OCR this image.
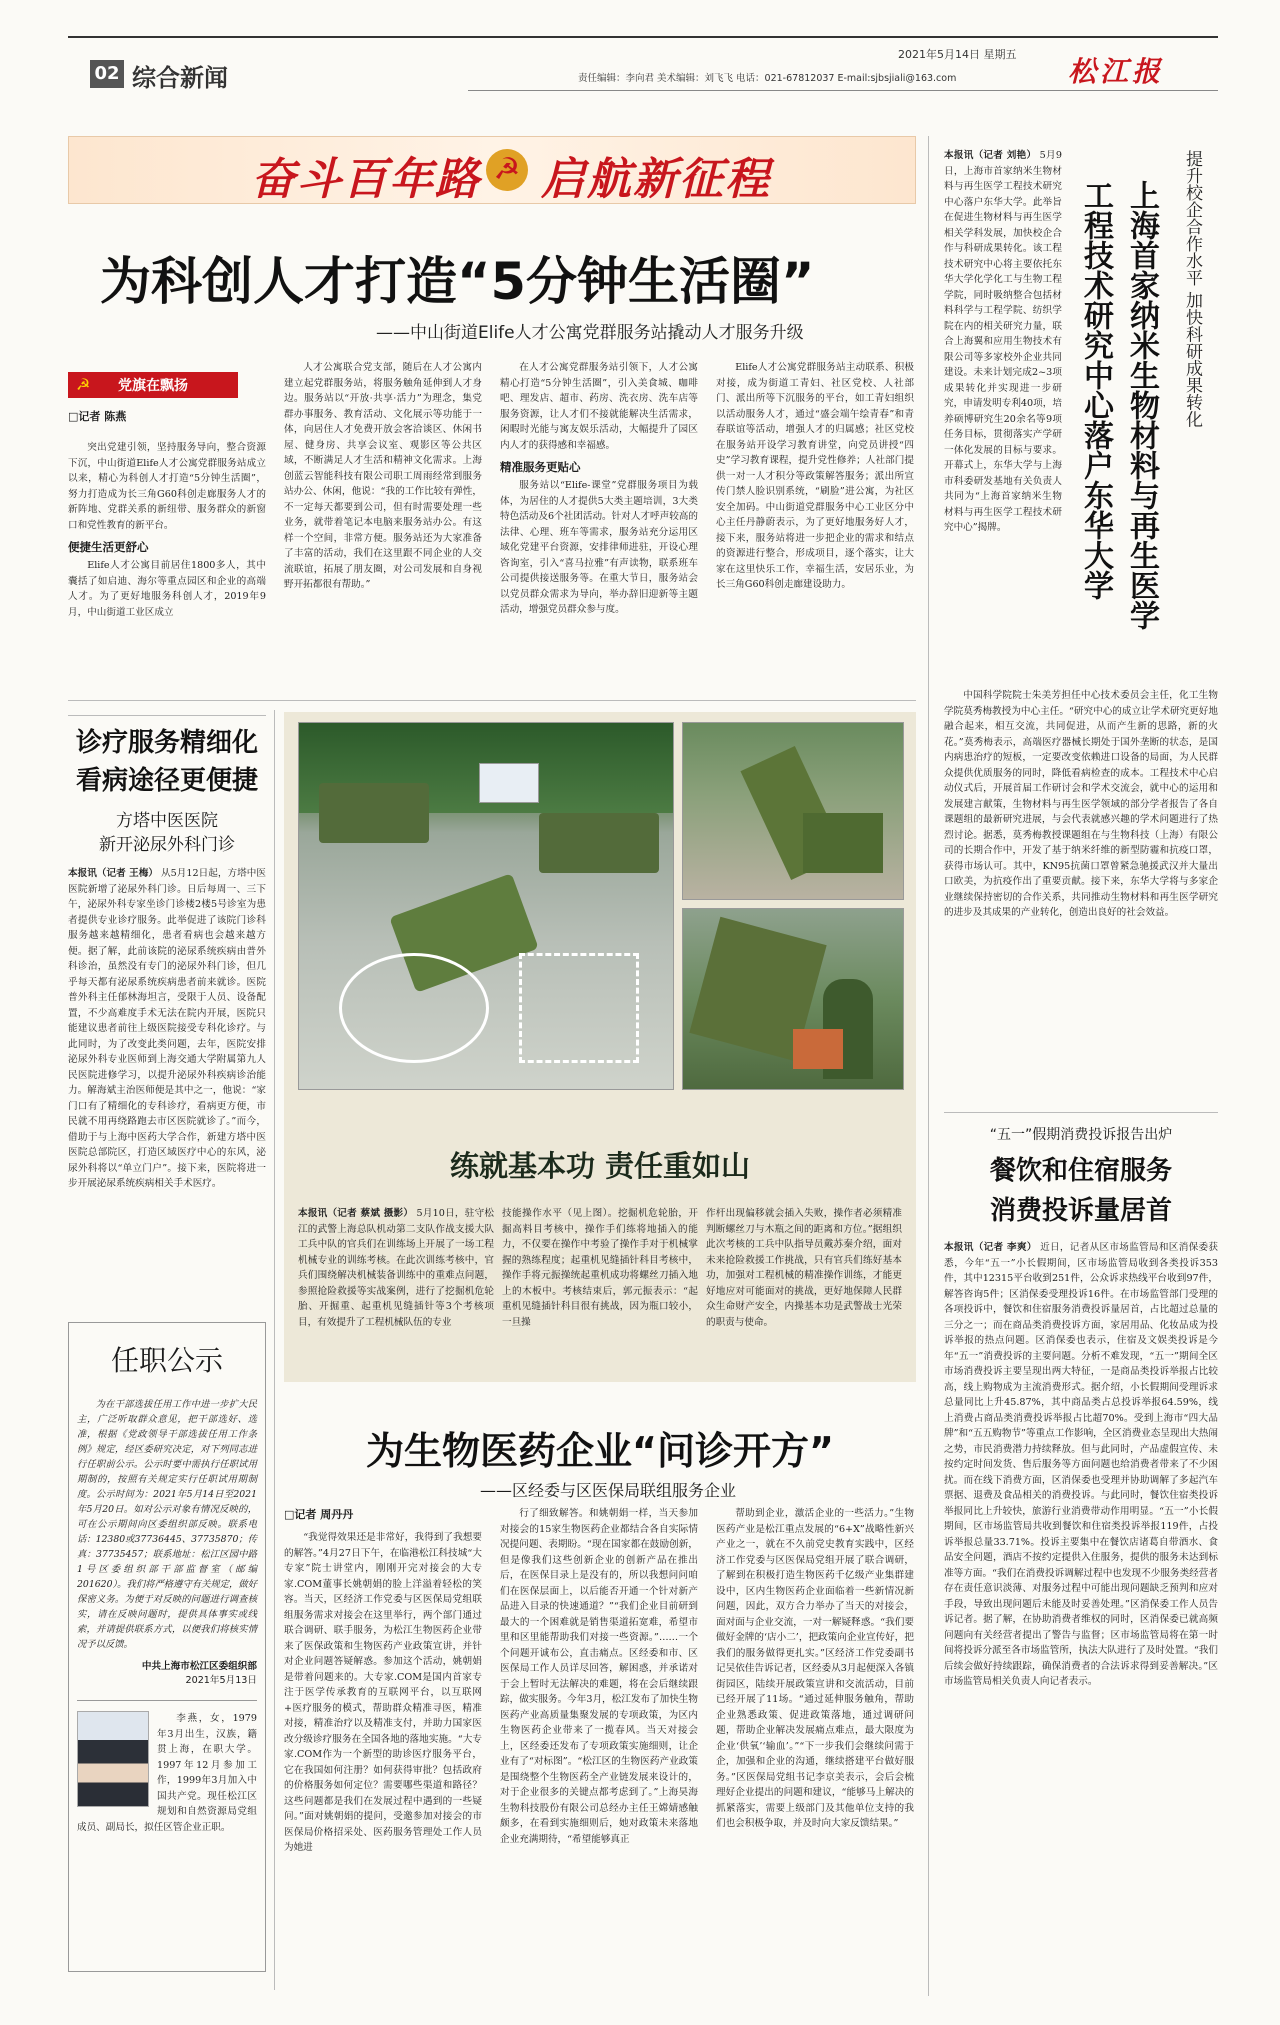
02 综合新闻
2021年5月14日 星期五
责任编辑：李向君 美术编辑：刘飞飞 电话：021-67812037 E-mail:sjbsjiali@163.com	松江报
奋斗百年路 ☭ 启航新征程
为科创人才打造“5分钟生活圈”
——中山街道Elife人才公寓党群服务站撬动人才服务升级
☭ 党旗在飘扬
□记者 陈燕
突出党建引领，坚持服务导向，整合资源下沉，中山街道Elife人才公寓党群服务站成立以来，精心为科创人才打造“5分钟生活圈”，努力打造成为长三角G60科创走廊服务人才的新阵地、党群关系的新纽带、服务群众的新窗口和党性教育的新平台。
便捷生活更舒心
Elife人才公寓目前居住1800多人，其中囊括了如启迪、海尔等重点园区和企业的高端人才。为了更好地服务科创人才，2019年9月，中山街道工业区成立
人才公寓联合党支部，随后在人才公寓内建立起党群服务站，将服务触角延伸到人才身边。服务站以“开放·共享·活力”为理念，集党群办事服务、教育活动、文化展示等功能于一体，向居住人才免费开放会客洽谈区、休闲书屋、健身房、共享会议室、观影区等公共区域，不断满足人才生活和精神文化需求。上海创蓝云智能科技有限公司职工周雨经常到服务站办公、休闲，他说：“我的工作比较有弹性，不一定每天都要到公司，但有时需要处理一些业务，就带着笔记本电脑来服务站办公。有这样一个空间，非常方便。服务站还为大家准备了丰富的活动，我们在这里跟不同企业的人交流联谊，拓展了朋友圈，对公司发展和自身视野开拓都很有帮助。”
在人才公寓党群服务站引领下，人才公寓精心打造“5分钟生活圈”，引入美食城、咖啡吧、理发店、超市、药房、洗衣房、洗车店等服务资源，让人才们不接就能解决生活需求，闲暇时光能与寓友娱乐活动，大幅提升了园区内人才的获得感和幸福感。
精准服务更贴心
服务站以“Elife-课堂”党群服务项目为载体，为居住的人才提供5大类主题培训，3大类特色活动及6个社团活动。针对人才呼声较高的法律、心理、班车等需求，服务站充分运用区域化党建平台资源，安排律师进驻，开设心理咨询室，引入“喜马拉雅”有声读物，联系班车公司提供接送服务等。在重大节日，服务站会以党员群众需求为导向，举办辞旧迎新等主题活动，增强党员群众参与度。
Elife人才公寓党群服务站主动联系、积极对接，成为街道工青妇、社区党校、人社部门、派出所等下沉服务的平台，如工青妇组织以活动服务人才，通过“盛会端午绘青春”和青春联谊等活动，增强人才的归属感；社区党校在服务站开设学习教育讲堂，向党员讲授“四史”学习教育课程，提升党性修养；人社部门提供一对一人才积分等政策解答服务；派出所宣传门禁人脸识别系统，“刷脸”进公寓，为社区安全加码。中山街道党群服务中心工业区分中心主任丹静蔚表示，为了更好地服务好人才，接下来，服务站将进一步把企业的需求和结点的资源进行整合，形成项目，逐个落实，让大家在这里快乐工作，幸福生活，安居乐业，为长三角G60科创走廊建设助力。
本报讯（记者 刘艳） 5月9日，上海市首家纳米生物材料与再生医学工程技术研究中心落户东华大学。此举旨在促进生物材料与再生医学相关学科发展，加快校企合作与科研成果转化。该工程技术研究中心将主要依托东华大学化学化工与生物工程学院，同时吸纳整合包括材料科学与工程学院、纺织学院在内的相关研究力量，联合上海翼和应用生物技术有限公司等多家校外企业共同建设。未来计划完成2~3项成果转化并实现进一步研究，申请发明专利40项，培养硕博研究生20余名等9项任务目标，贯彻落实产学研一体化发展的目标与要求。开幕式上，东华大学与上海市科委研发基地有关负责人共同为“上海首家纳米生物材料与再生医学工程技术研究中心”揭牌。
提升校企合作水平 加快科研成果转化
上海首家纳米生物材料与再生医学工程技术研究中心落户东华大学
中国科学院院士朱美芳担任中心技术委员会主任，化工生物学院莫秀梅教授为中心主任。“研究中心的成立让学术研究更好地融合起来，相互交流，共同促进，从而产生新的思路，新的火花。”莫秀梅表示，高端医疗器械长期处于国外垄断的状态，是国内病患治疗的短板，一定要改变依赖进口设备的局面，为人民群众提供优质服务的同时，降低看病检查的成本。工程技术中心启动仪式后，开展首届工作研讨会和学术交流会，就中心的运用和发展建言献策，生物材料与再生医学领域的部分学者报告了各自课题组的最新研究进展，与会代表就感兴趣的学术问题进行了热烈讨论。据悉，莫秀梅教授课题组在与生物科技（上海）有限公司的长期合作中，开发了基于纳米纤维的新型防霾和抗疫口罩，获得市场认可。其中，KN95抗菌口罩曾紧急驰援武汉并大量出口欧美，为抗疫作出了重要贡献。接下来，东华大学将与多家企业继续保持密切的合作关系，共同推动生物材料和再生医学研究的进步及其成果的产业转化，创造出良好的社会效益。
诊疗服务精细化
看病途径更便捷
方塔中医医院
新开泌尿外科门诊
本报讯（记者 王梅） 从5月12日起，方塔中医医院新增了泌尿外科门诊。日后每周一、三下午，泌尿外科专家坐诊门诊楼2楼5号诊室为患者提供专业诊疗服务。此举促进了该院门诊科服务越来越精细化，患者看病也会越来越方便。据了解，此前该院的泌尿系统疾病由普外科诊治，虽然没有专门的泌尿外科门诊，但几乎每天都有泌尿系统疾病患者前来就诊。医院普外科主任郁林海坦言，受限于人员、设备配置，不少高难度手术无法在院内开展，医院只能建议患者前往上级医院接受专科化诊疗。与此同时，为了改变此类问题，去年，医院安排泌尿外科专业医师到上海交通大学附属第九人民医院进修学习，以提升泌尿外科疾病诊治能力。解海斌主治医师便是其中之一，他说：“家门口有了精细化的专科诊疗，看病更方便，市民就不用再绕路跑去市区医院就诊了。”而今，借助于与上海中医药大学合作，新建方塔中医医院总部院区，打造区域医疗中心的东风，泌尿外科将以“单立门户”。接下来，医院将进一步开展泌尿系统疾病相关手术医疗。
练就基本功 责任重如山
本报讯（记者 蔡斌 摄影） 5月10日，驻守松江的武警上海总队机动第二支队作战支援大队工兵中队的官兵们在训练场上开展了一场工程机械专业的训练考核。在此次训练考核中，官兵们围绕解决机械装备训练中的重难点问题，参照抢险救援等实战案例，进行了挖掘机危轮胎、开掘重、起重机见缝插针等3个考核项目，有效提升了工程机械队伍的专业
技能操作水平（见上图）。挖掘机危轮胎，开掘高料目考核中，操作手们练将地插入的能力，不仅要在操作中考验了操作手对于机械掌握的熟练程度；起重机见缝插针科目考核中，操作手将元振操统起重机成功将螺丝刀插入地上的木板中。考核结束后，郭元振表示：“起重机见缝插针科目很有挑战，因为瓶口较小，一旦操
作杆出现偏移就会插入失败，操作者必须精准判断螺丝刀与木瓶之间的距离和方位。”据组织此次考核的工兵中队指导员戴苏秦介绍，面对未来抢险救援工作挑战，只有官兵们练好基本功，加强对工程机械的精准操作训练，才能更好地应对可能面对的挑战，更好地保障人民群众生命财产安全，内操基本功是武警战士光荣的职责与使命。
任职公示
为在干部选拔任用工作中进一步扩大民主，广泛听取群众意见，把干部选好、选准，根据《党政领导干部选拔任用工作条例》规定，经区委研究决定，对下列同志进行任职前公示。公示时要中需执行任职试用期制的，按照有关规定实行任职试用期制度。公示时间为：2021年5月14日至2021年5月20日。如对公示对象有情况反映的，可在公示期间向区委组织部反映。联系电话：12380或37736445、37735870；传真：37735457；联系地址：松江区园中路1号区委组织部干部监督室（邮编201620）。我们将严格遵守有关规定，做好保密义务。为便于对反映的问题进行调查核实，请在反映问题时，提供具体事实或线索，并请提供联系方式，以便我们将核实情况予以反馈。
中共上海市松江区委组织部
2021年5月13日
李燕，女，1979年3月出生，汉族，籍贯上海，在职大学。1997年12月参加工作，1999年3月加入中国共产党。现任松江区规划和自然资源局党组成员、副局长，拟任区管企业正职。
为生物医药企业“问诊开方”
——区经委与区医保局联组服务企业
□记者 周丹丹
“我觉得效果还是非常好，我得到了我想要的解答。”4月27日下午，在临港松江科技城“大专家”院士讲堂内，刚刚开完对接会的大专家.COM董事长姚朝娟的脸上洋溢着轻松的笑容。当天，区经济工作党委与区医保局党组联组服务需求对接会在这里举行，两个部门通过联合调研、联手服务，为松江生物医药企业带来了医保政策和生物医药产业政策宣讲，并针对企业问题答疑解惑。参加这个活动，姚朝娟是带着问题来的。大专家.COM是国内首家专注于医学传承教育的互联网平台，以互联网+医疗服务的模式，帮助群众精准寻医，精准对接，精准治疗以及精准支付，并助力国家医改分级诊疗服务在全国各地的落地实施。“大专家.COM作为一个新型的助诊医疗服务平台，它在我国如何注册？如何获得审批？包括政府的价格服务如何定位？需要哪些渠道和路径？这些问题都是我们在发展过程中遇到的一些疑问。”面对姚朝娟的提问，受邀参加对接会的市医保局价格招采处、医药服务管理处工作人员为她进
行了细致解答。和姚朝娟一样，当天参加对接会的15家生物医药企业都结合各自实际情况提问题、表期盼。“现在国家都在鼓励创新，但是像我们这些创新企业的创新产品在推出后，在医保目录上是没有的，所以我想问问咱们在医保层面上，以后能否开通一个针对新产品进入目录的快速通道？”“我们企业目前研到最大的一个困难就是销售渠道拓宽难，希望市里和区里能帮助我们对接一些资源。”……一个个问题开诚布公，直击痛点。区经委和市、区医保局工作人员详尽回答，解困惑，并承诺对于会上暂时无法解决的难题，将在会后继续跟踪，做实服务。今年3月，松江发布了加快生物医药产业高质量集聚发展的专项政策，为区内生物医药企业带来了一揽春风。当天对接会上，区经委还发布了专项政策实施细则，让企业有了“对标图”。“松江区的生物医药产业政策是围绕整个生物医药全产业链发展来设计的，对于企业很多的关键点都考虑到了。”上海昊海生物科技股份有限公司总经办主任王嫦婧感触颇多，在看到实施细则后，她对政策未来落地企业充满期待，“希望能够真正
帮助到企业，激活企业的一些活力。”生物医药产业是松江重点发展的“6+X”战略性新兴产业之一，就在不久前党史教育实践中，区经济工作党委与区医保局党组开展了联合调研，了解到在积极打造生物医药千亿级产业集群建设中，区内生物医药企业面临着一些新情况新问题，因此，双方合力举办了当天的对接会，面对面与企业交流，一对一解疑释惑。“我们要做好金牌的‘店小二’，把政策向企业宣传好，把我们的服务做得更扎实。”区经济工作党委副书记吴依佳告诉记者，区经委从3月起便深入各镇街园区，陆续开展政策宣讲和交流活动，目前已经开展了11场。“通过延伸服务触角，帮助企业熟悉政策、促进政策落地，通过调研问题，帮助企业解决发展痛点难点，最大限度为企业‘供氧’‘输血’。”“下一步我们会继续问需于企，加强和企业的沟通，继续搭建平台做好服务。”区医保局党组书记李京美表示，会后会梳理好企业提出的问题和建议，“能够马上解决的抓紧落实，需要上级部门及其他单位支持的我们也会积极争取，并及时向大家反馈结果。”
“五一”假期消费投诉报告出炉
餐饮和住宿服务
消费投诉量居首
本报讯（记者 李爽） 近日，记者从区市场监管局和区消保委获悉，今年“五一”小长假期间，区市场监管局收到各类投诉353件，其中12315平台收到251件，公众诉求热线平台收到97件，解答咨询5件；区消保委受理投诉16件。在市场监管部门受理的各项投诉中，餐饮和住宿服务消费投诉量居首，占比超过总量的三分之一；而在商品类消费投诉方面，家居用品、化妆品成为投诉举报的热点问题。区消保委也表示，住宿及文娱类投诉是今年“五一”消费投诉的主要问题。分析不难发现，“五一”期间全区市场消费投诉主要呈现出两大特征，一是商品类投诉举报占比较高，线上购物成为主流消费形式。据介绍，小长假期间受理诉求总量同比上升45.87%，其中商品类占总投诉举报64.59%，线上消费占商品类消费投诉举报占比超70%。受到上海市“四大品牌”和“五五购物节”等重点工作影响，全区消费业态呈现出大热闹之势，市民消费潜力持续释放。但与此同时，产品虚假宣传、未按约定时间发货、售后服务等方面问题也给消费者带来了不少困扰。而在线下消费方面，区消保委也受理并协助调解了多起汽车票据、退费及食品相关的消费投诉。与此同时，餐饮住宿类投诉举报同比上升较快，旅游行业消费带动作用明显。“五一”小长假期间，区市场监管局共收到餐饮和住宿类投诉举报119件，占投诉举报总量33.71%。投诉主要集中在餐饮店诸葛自带酒水、食品安全问题，酒店不按约定提供入住服务，提供的服务未达到标准等方面。“我们在消费投诉调解过程中也发现不少服务类经营者存在责任意识淡薄、对服务过程中可能出现问题缺乏预判和应对手段，导致出现问题后未能及时妥善处理。”区消保委工作人员告诉记者。据了解，在协助消费者维权的同时，区消保委已就高频问题向有关经营者提出了警告与监督；区市场监管局将在第一时间将投诉分派至各市场监管所，执法大队进行了及时处置。“我们后续会做好持续跟踪，确保消费者的合法诉求得到妥善解决。”区市场监管局相关负责人向记者表示。
